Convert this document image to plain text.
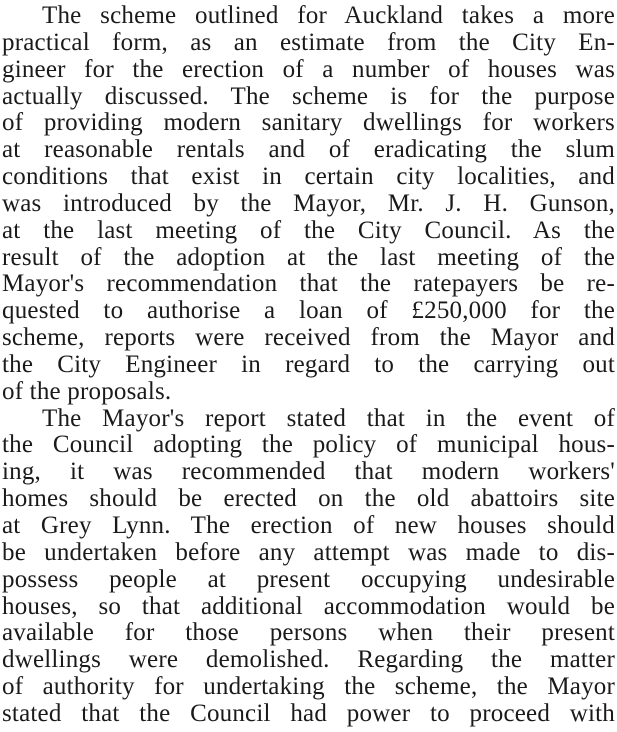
The scheme outlined for Auckland takes a more
practical form, as an estimate from the City En-
gineer for the erection of a number of houses was
actually discussed. The scheme is for the purpose
of providing modern sanitary dwellings for workers
at reasonable rentals and of eradicating the slum
conditions that exist in certain city localities, and
was introduced by the Mayor, Mr. J. H. Gunson,
at the last meeting of the City Council. As the
result of the adoption at the last meeting of the
Mayor's recommendation that the ratepayers be re-
quested to authorise a loan of £250,000 for the
scheme, reports were received from the Mayor and
the City Engineer in regard to the carrying out
of the proposals.
The Mayor's report stated that in the event of
the Council adopting the policy of municipal hous-
ing, it was recommended that modern workers'
homes should be erected on the old abattoirs site
at Grey Lynn. The erection of new houses should
be undertaken before any attempt was made to dis-
possess people at present occupying undesirable
houses, so that additional accommodation would be
available for those persons when their present
dwellings were demolished. Regarding the matter
of authority for undertaking the scheme, the Mayor
stated that the Council had power to proceed with
